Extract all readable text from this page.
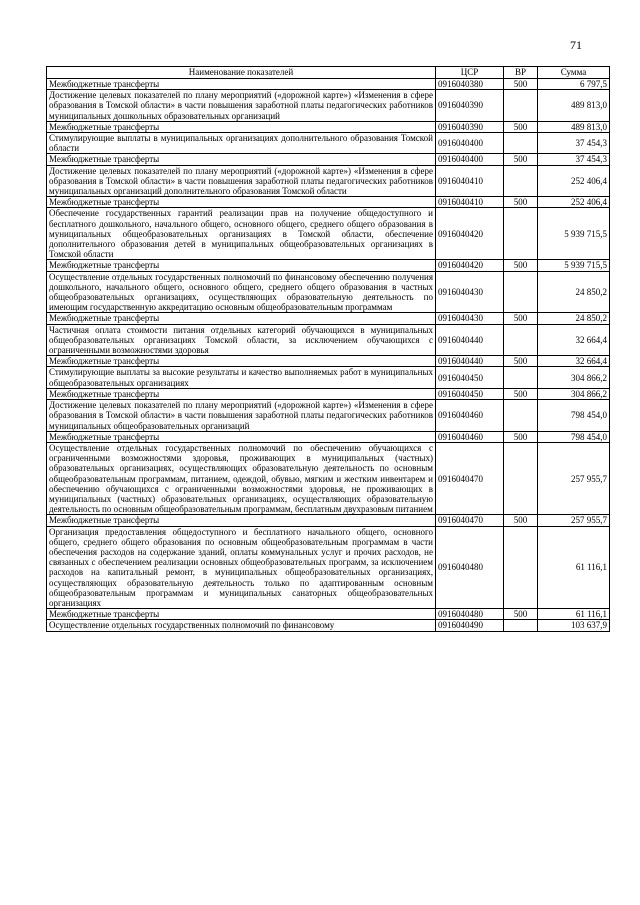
71
Наименование показателей	ЦСР	ВР	Сумма
Межбюджетные трансферты	0916040380	500	6 797,5
Достижение целевых показателей по плану мероприятий («дорожной карте») «Изменения в сфере образования в Томской области» в части повышения заработной платы педагогических работников муниципальных дошкольных образовательных организаций	0916040390		489 813,0
Межбюджетные трансферты	0916040390	500	489 813,0
Стимулирующие выплаты в муниципальных организациях дополнительного образования Томской области	0916040400		37 454,3
Межбюджетные трансферты	0916040400	500	37 454,3
Достижение целевых показателей по плану мероприятий («дорожной карте») «Изменения в сфере образования в Томской области» в части повышения заработной платы педагогических работников муниципальных организаций дополнительного образования Томской области	0916040410		252 406,4
Межбюджетные трансферты	0916040410	500	252 406,4
Обеспечение государственных гарантий реализации прав на получение общедоступного и бесплатного дошкольного, начального общего, основного общего, среднего общего образования в муниципальных общеобразовательных организациях в Томской области, обеспечение дополнительного образования детей в муниципальных общеобразовательных организациях в Томской области	0916040420		5 939 715,5
Межбюджетные трансферты	0916040420	500	5 939 715,5
Осуществление отдельных государственных полномочий по финансовому обеспечению получения дошкольного, начального общего, основного общего, среднего общего образования в частных общеобразовательных организациях, осуществляющих образовательную деятельность по имеющим государственную аккредитацию основным общеобразовательным программам	0916040430		24 850,2
Межбюджетные трансферты	0916040430	500	24 850,2
Частичная оплата стоимости питания отдельных категорий обучающихся в муниципальных общеобразовательных организациях Томской области, за исключением обучающихся с ограниченными возможностями здоровья	0916040440		32 664,4
Межбюджетные трансферты	0916040440	500	32 664,4
Стимулирующие выплаты за высокие результаты и качество выполняемых работ в муниципальных общеобразовательных организациях	0916040450		304 866,2
Межбюджетные трансферты	0916040450	500	304 866,2
Достижение целевых показателей по плану мероприятий («дорожной карте») «Изменения в сфере образования в Томской области» в части повышения заработной платы педагогических работников муниципальных общеобразовательных организаций	0916040460		798 454,0
Межбюджетные трансферты	0916040460	500	798 454,0
Осуществление отдельных государственных полномочий по обеспечению обучающихся с ограниченными возможностями здоровья, проживающих в муниципальных (частных) образовательных организациях, осуществляющих образовательную деятельность по основным общеобразовательным программам, питанием, одеждой, обувью, мягким и жестким инвентарем и обеспечению обучающихся с ограниченными возможностями здоровья, не проживающих в муниципальных (частных) образовательных организациях, осуществляющих образовательную деятельность по основным общеобразовательным программам, бесплатным двухразовым питанием	0916040470		257 955,7
Межбюджетные трансферты	0916040470	500	257 955,7
Организация предоставления общедоступного и бесплатного начального общего, основного общего, среднего общего образования по основным общеобразовательным программам в части обеспечения расходов на содержание зданий, оплаты коммунальных услуг и прочих расходов, не связанных с обеспечением реализации основных общеобразовательных программ, за исключением расходов на капитальный ремонт, в муниципальных общеобразовательных организациях, осуществляющих образовательную деятельность только по адаптированным основным общеобразовательным программам и муниципальных санаторных общеобразовательных организациях	0916040480		61 116,1
Межбюджетные трансферты	0916040480	500	61 116,1
Осуществление отдельных государственных полномочий по финансовому	0916040490		103 637,9
